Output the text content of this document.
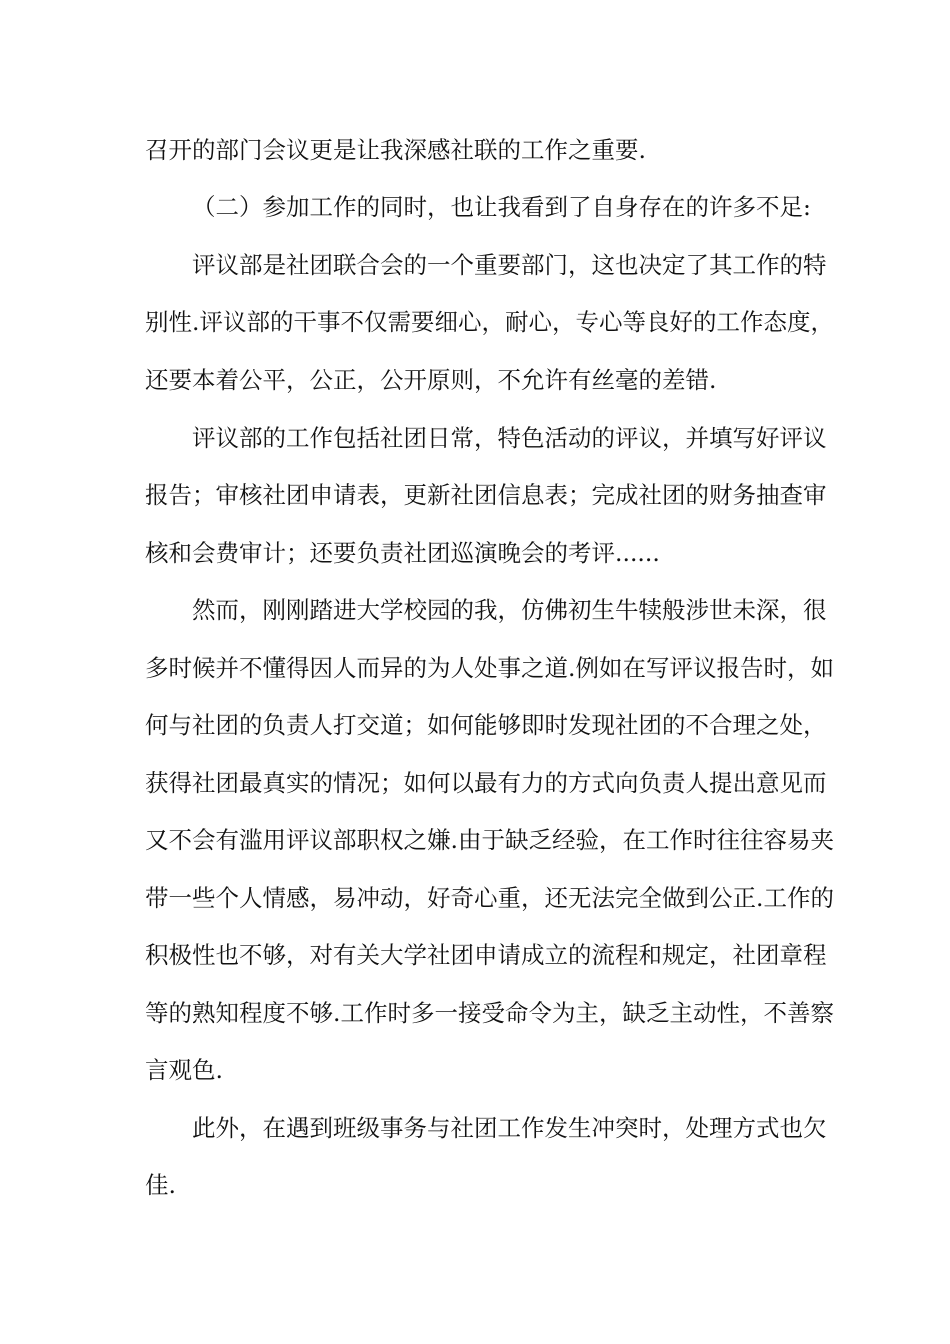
召开的部门会议更是让我深感社联的工作之重要.
（二）参加工作的同时，也让我看到了自身存在的许多不足:
评议部是社团联合会的一个重要部门，这也决定了其工作的特
别性.评议部的干事不仅需要细心，耐心，专心等良好的工作态度，
还要本着公平，公正，公开原则，不允许有丝毫的差错.
评议部的工作包括社团日常，特色活动的评议，并填写好评议
报告；审核社团申请表，更新社团信息表；完成社团的财务抽查审
核和会费审计；还要负责社团巡演晚会的考评......
然而，刚刚踏进大学校园的我，仿佛初生牛犊般涉世未深，很
多时候并不懂得因人而异的为人处事之道.例如在写评议报告时，如
何与社团的负责人打交道；如何能够即时发现社团的不合理之处，
获得社团最真实的情况；如何以最有力的方式向负责人提出意见而
又不会有滥用评议部职权之嫌.由于缺乏经验，在工作时往往容易夹
带一些个人情感，易冲动，好奇心重，还无法完全做到公正.工作的
积极性也不够，对有关大学社团申请成立的流程和规定，社团章程
等的熟知程度不够.工作时多一接受命令为主，缺乏主动性，不善察
言观色.
此外，在遇到班级事务与社团工作发生冲突时，处理方式也欠
佳.
